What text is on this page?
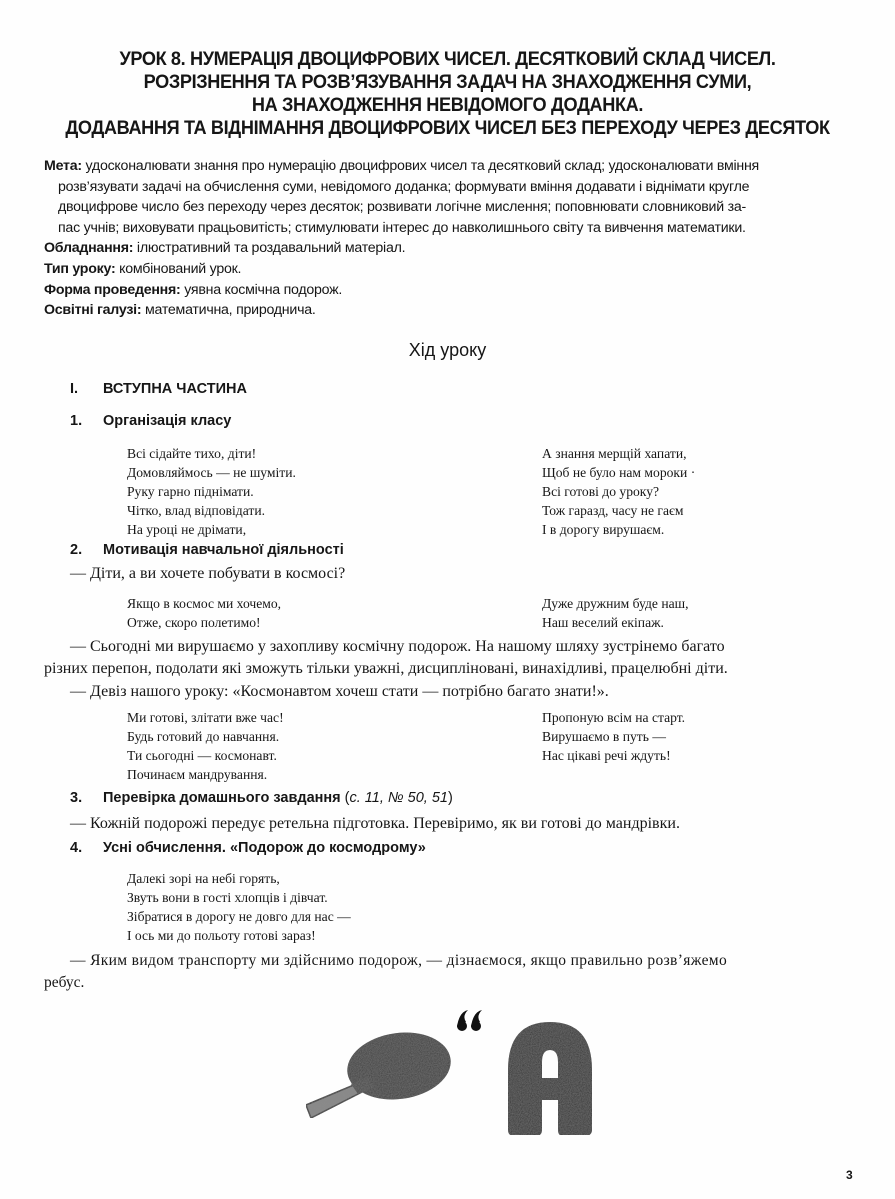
УРОК 8. НУМЕРАЦІЯ ДВОЦИФРОВИХ ЧИСЕЛ. ДЕСЯТКОВИЙ СКЛАД ЧИСЕЛ.
РОЗРІЗНЕННЯ ТА РОЗВ’ЯЗУВАННЯ ЗАДАЧ НА ЗНАХОДЖЕННЯ СУМИ,
НА ЗНАХОДЖЕННЯ НЕВІДОМОГО ДОДАНКА.
ДОДАВАННЯ ТА ВІДНІМАННЯ ДВОЦИФРОВИХ ЧИСЕЛ БЕЗ ПЕРЕХОДУ ЧЕРЕЗ ДЕСЯТОК
Мета: удосконалювати знання про нумерацію двоцифрових чисел та десятковий склад; удосконалювати вміння
розв’язувати задачі на обчислення суми, невідомого доданка; формувати вміння додавати і віднімати кругле
двоцифрове число без переходу через десяток; розвивати логічне мислення; поповнювати словниковий за-
пас учнів; виховувати працьовитість; стимулювати інтерес до навколишнього світу та вивчення математики.
Обладнання: ілюстративний та роздавальний матеріал.
Тип уроку: комбінований урок.
Форма проведення: уявна космічна подорож.
Освітні галузі: математична, природнича.
Хід уроку
I. ВСТУПНА ЧАСТИНА
1. Організація класу
Всі сідайте тихо, діти!
Домовляймось — не шуміти.
Руку гарно піднімати.
Чітко, влад відповідати.
На уроці не дрімати,
А знання мерщій хапати,
Щоб не було нам мороки ·
Всі готові до уроку?
Тож гаразд, часу не гаєм
І в дорогу вирушаєм.
2. Мотивація навчальної діяльності
— Діти, а ви хочете побувати в космосі?
Якщо в космос ми хочемо,
Отже, скоро полетимо!
Дуже дружним буде наш,
Наш веселий екіпаж.
— Сьогодні ми вирушаємо у захопливу космічну подорож. На нашому шляху зустрінемо багато
різних перепон, подолати які зможуть тільки уважні, дисципліновані, винахідливі, працелюбні діти.
— Девіз нашого уроку: «Космонавтом хочеш стати — потрібно багато знати!».
Ми готові, злітати вже час!
Будь готовий до навчання.
Ти сьогодні — космонавт.
Починаєм мандрування.
Пропоную всім на старт.
Вирушаємо в путь —
Нас цікаві речі ждуть!
3. Перевірка домашнього завдання (с. 11, № 50, 51)
— Кожній подорожі передує ретельна підготовка. Перевіримо, як ви готові до мандрівки.
4. Усні обчислення. «Подорож до космодрому»
Далекі зорі на небі горять,
Звуть вони в гості хлопців і дівчат.
Зібратися в дорогу не довго для нас —
І ось ми до польоту готові зараз!
— Яким видом транспорту ми здійснимо подорож, — дізнаємося, якщо правильно розв’яжемо
ребус.
3
